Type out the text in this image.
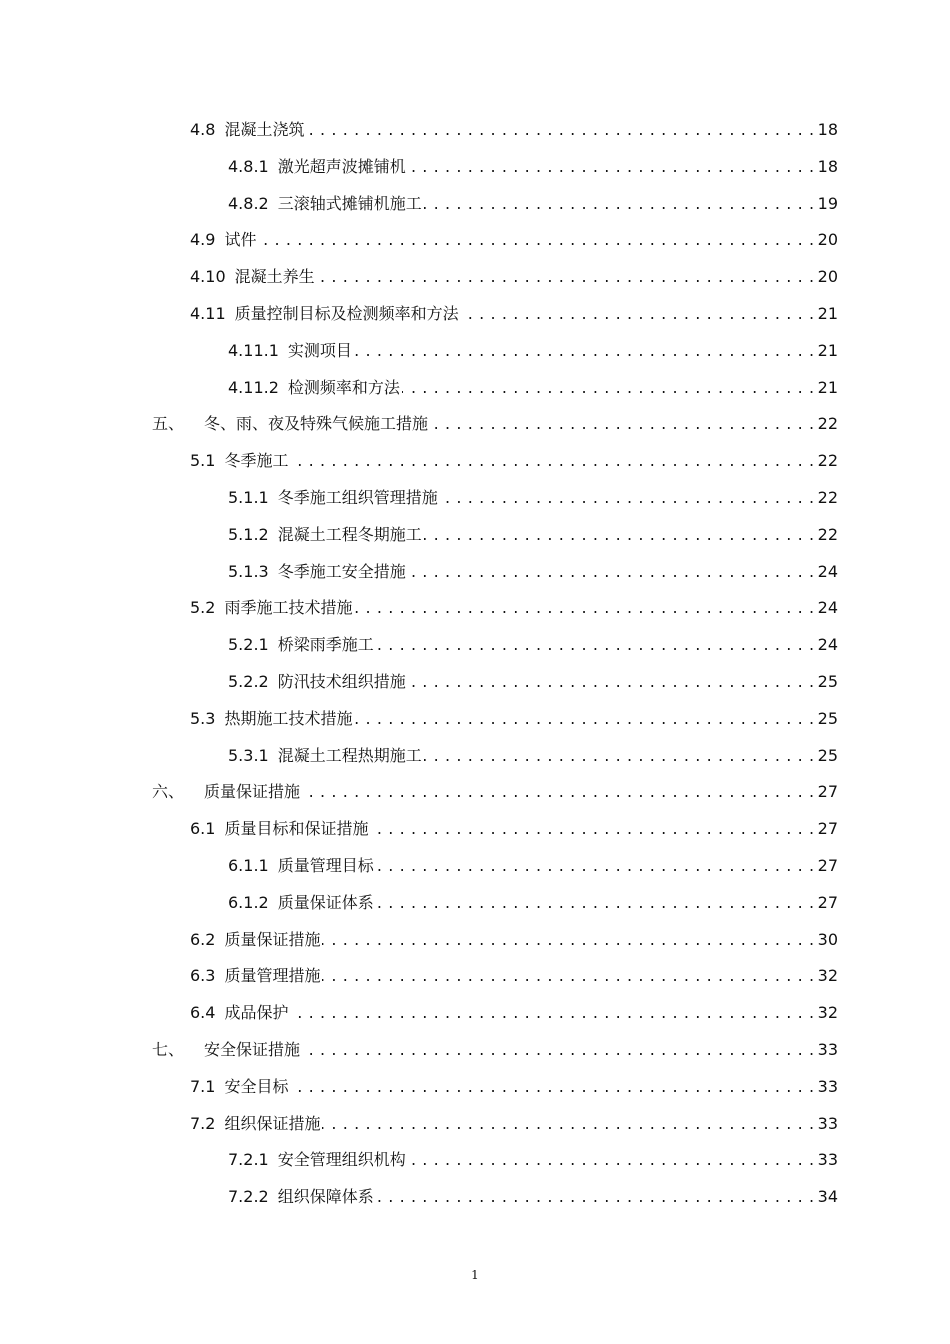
4.8 混凝土浇筑 . . .	18
4.8.1 激光超声波摊铺机 . . .	18
4.8.2 三滚轴式摊铺机施工 . . .	19
4.9 试件 . . .	20
4.10 混凝土养生 . . .	20
4.11 质量控制目标及检测频率和方法 . . .	21
4.11.1 实测项目 . . .	21
4.11.2 检测频率和方法 . . .	21
五、 冬、雨、夜及特殊气候施工措施 . . .	22
5.1 冬季施工 . . .	22
5.1.1 冬季施工组织管理措施 . . .	22
5.1.2 混凝土工程冬期施工 . . .	22
5.1.3 冬季施工安全措施 . . .	24
5.2 雨季施工技术措施 . . .	24
5.2.1 桥梁雨季施工 . . .	24
5.2.2 防汛技术组织措施 . . .	25
5.3 热期施工技术措施 . . .	25
5.3.1 混凝土工程热期施工 . . .	25
六、 质量保证措施 . . .	27
6.1 质量目标和保证措施 . . .	27
6.1.1 质量管理目标 . . .	27
6.1.2 质量保证体系 . . .	27
6.2 质量保证措施 . . .	30
6.3 质量管理措施 . . .	32
6.4 成品保护 . . .	32
七、 安全保证措施 . . .	33
7.1 安全目标 . . .	33
7.2 组织保证措施 . . .	33
7.2.1 安全管理组织机构 . . .	33
7.2.2 组织保障体系 . . .	34
1
